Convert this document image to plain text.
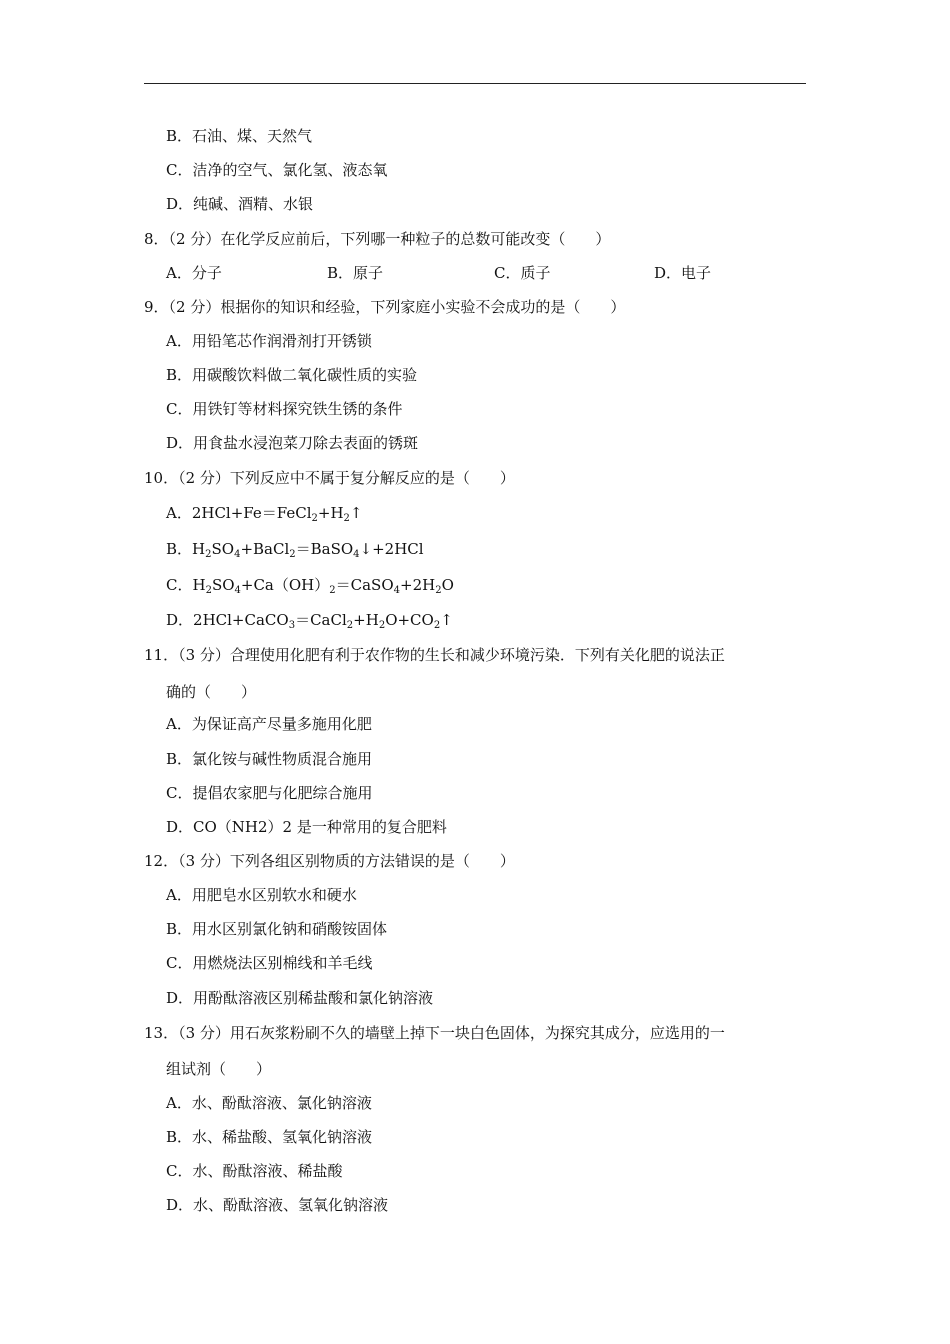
B．石油、煤、天然气
C．洁净的空气、氯化氢、液态氧
D．纯碱、酒精、水银
8．（2 分）在化学反应前后，下列哪一种粒子的总数可能改变（　　）
A．分子	B．原子	C．质子	D．电子
9．（2 分）根据你的知识和经验，下列家庭小实验不会成功的是（　　）
A．用铅笔芯作润滑剂打开锈锁
B．用碳酸饮料做二氧化碳性质的实验
C．用铁钉等材料探究铁生锈的条件
D．用食盐水浸泡菜刀除去表面的锈斑
10．（2 分）下列反应中不属于复分解反应的是（　　）
A．$2HCl+Fe=FeCl_2+H_2↑$
B．$H_2SO_4+BaCl_2=BaSO_4↓+2HCl$
C．$H_2SO_4+Ca(OH)_2=CaSO_4+2H_2O$
D．$2HCl+CaCO_3=CaCl_2+H_2O+CO_2↑$
11．（3 分）合理使用化肥有利于农作物的生长和减少环境污染．下列有关化肥的说法正
确的（　　）
A．为保证高产尽量多施用化肥
B．氯化铵与碱性物质混合施用
C．提倡农家肥与化肥综合施用
D．CO（NH2）2 是一种常用的复合肥料
12．（3 分）下列各组区别物质的方法错误的是（　　）
A．用肥皂水区别软水和硬水
B．用水区别氯化钠和硝酸铵固体
C．用燃烧法区别棉线和羊毛线
D．用酚酞溶液区别稀盐酸和氯化钠溶液
13．（3 分）用石灰浆粉刷不久的墙壁上掉下一块白色固体，为探究其成分，应选用的一
组试剂（　　）
A．水、酚酞溶液、氯化钠溶液
B．水、稀盐酸、氢氧化钠溶液
C．水、酚酞溶液、稀盐酸
D．水、酚酞溶液、氢氧化钠溶液
